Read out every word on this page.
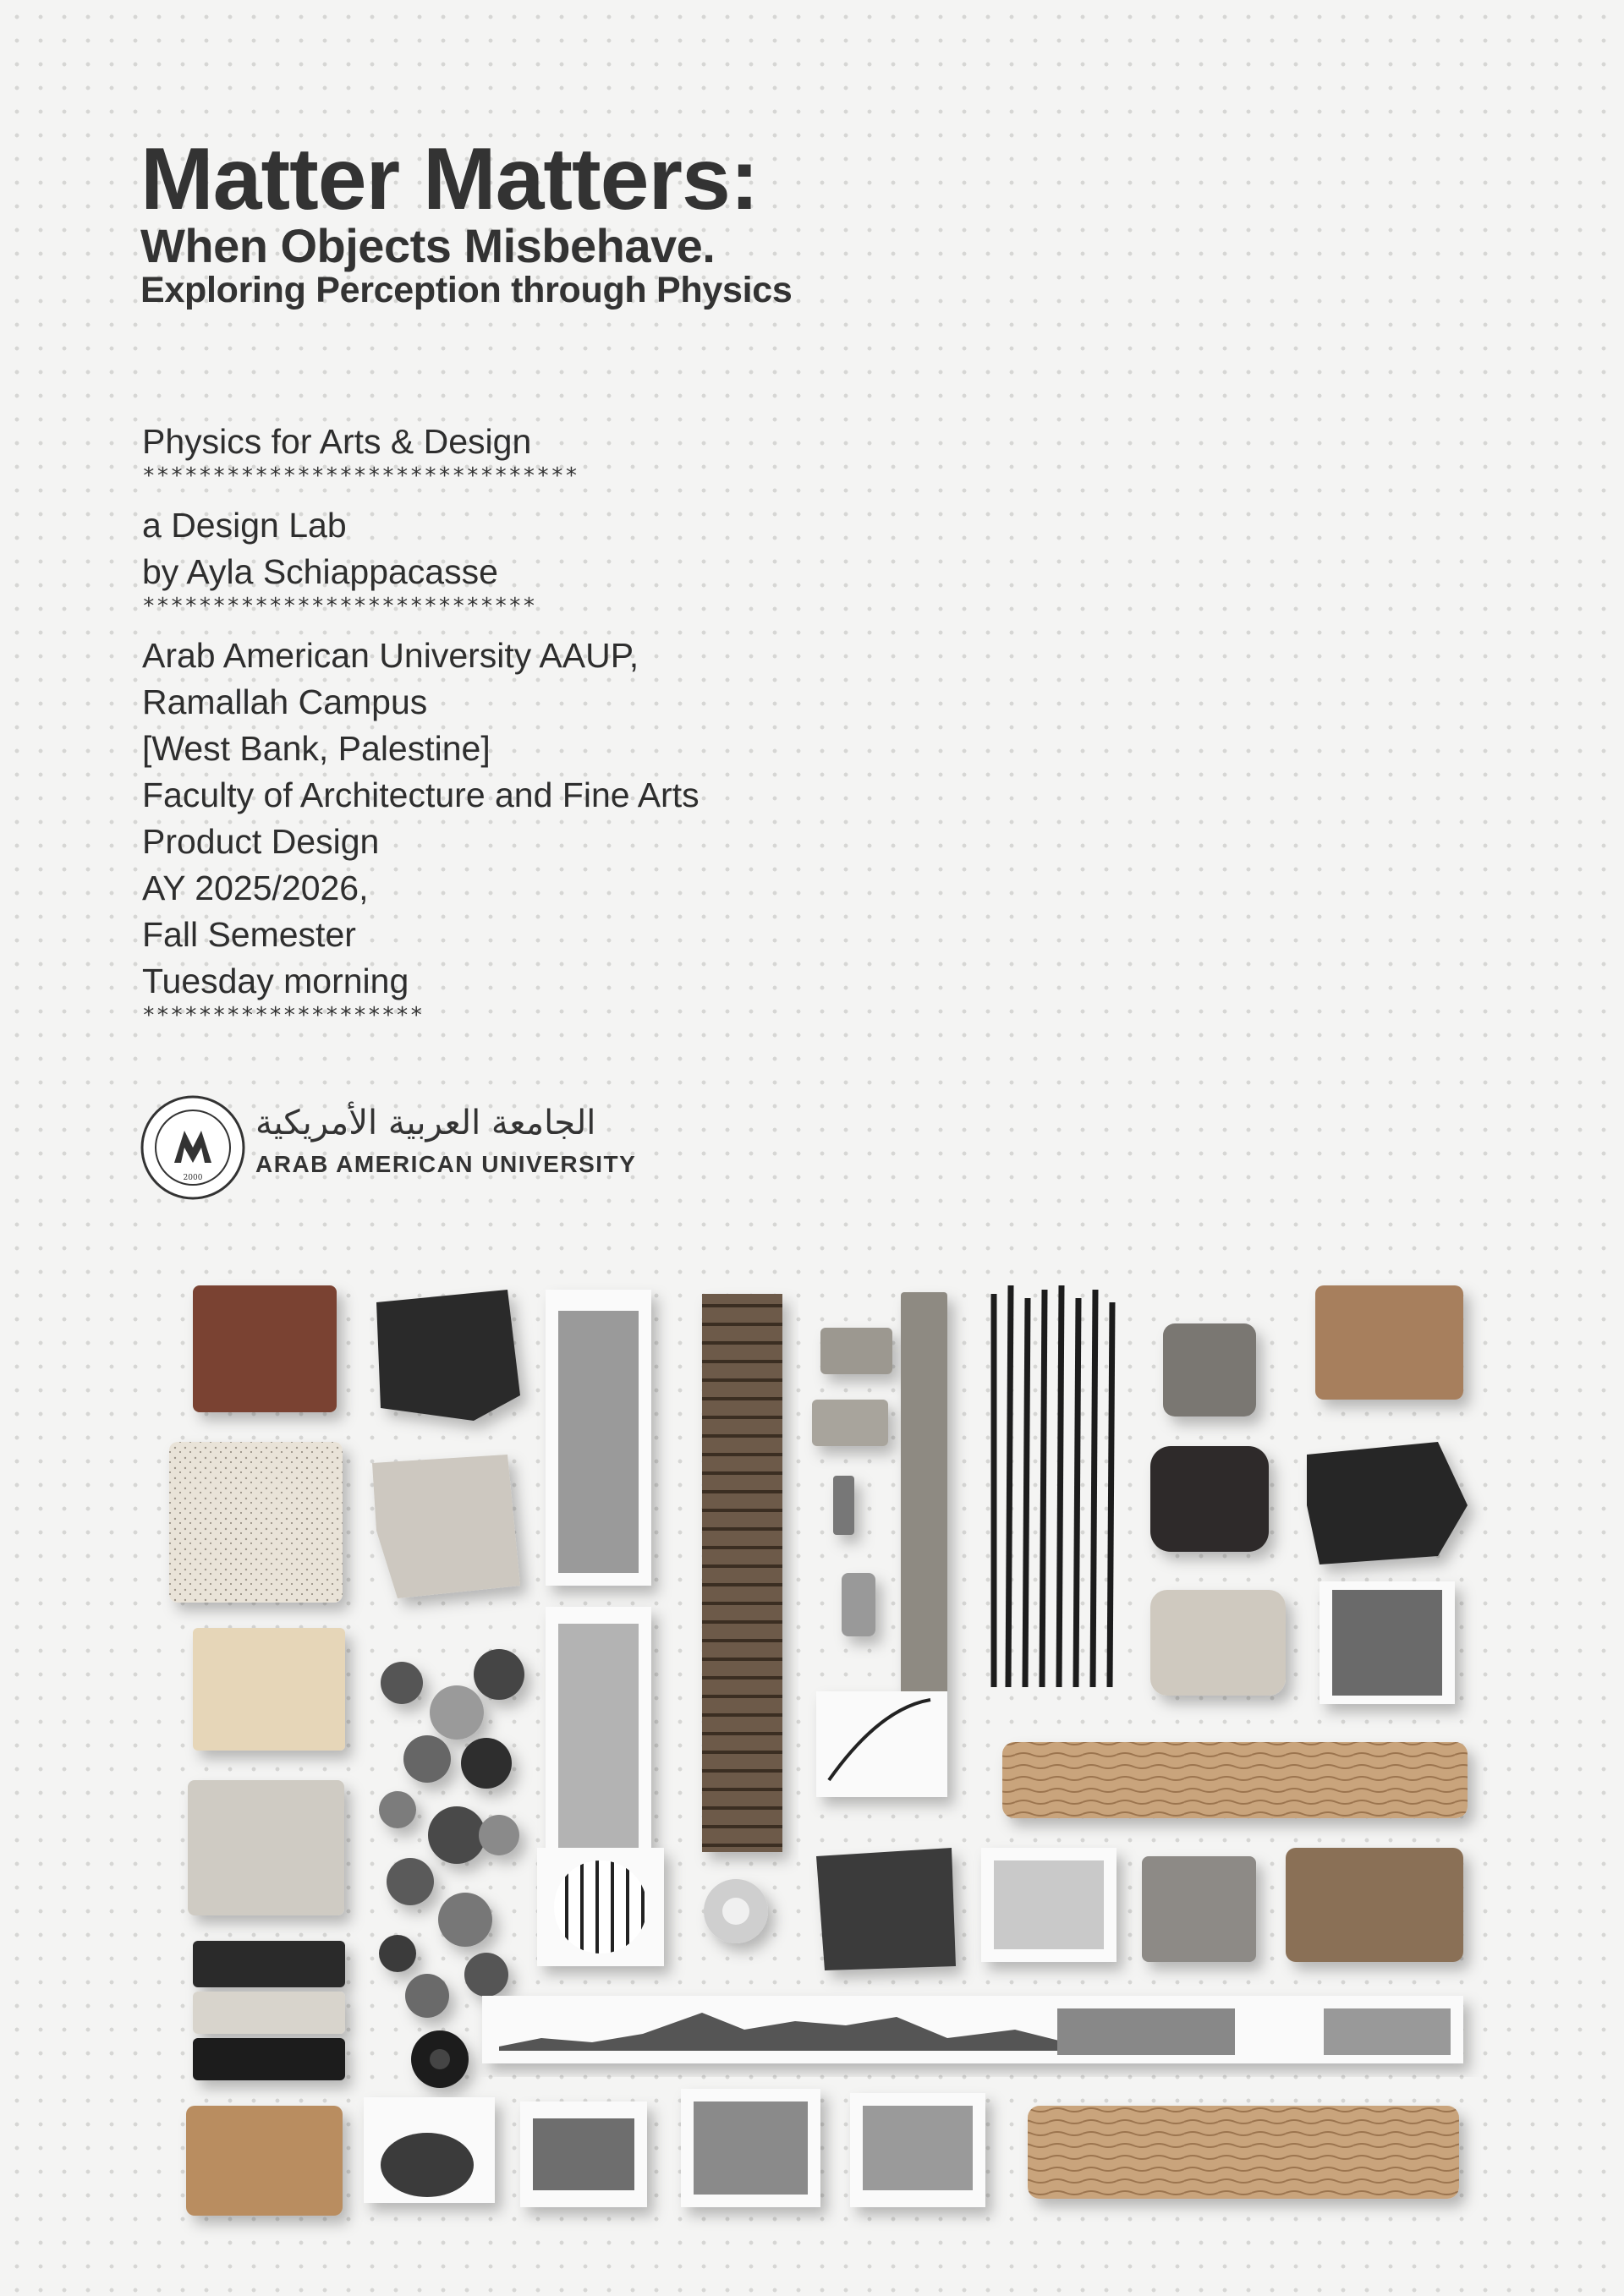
Matter Matters:
When Objects Misbehave.
Exploring Perception through Physics
Physics for Arts & Design
*******************************
a Design Lab
by Ayla Schiappacasse
****************************
Arab American University AAUP,
Ramallah Campus
[West Bank, Palestine]
Faculty of Architecture and Fine Arts
Product Design
AY 2025/2026,
Fall Semester
Tuesday morning
********************
2000
الجامعة العربية الأمريكية
ARAB AMERICAN UNIVERSITY
